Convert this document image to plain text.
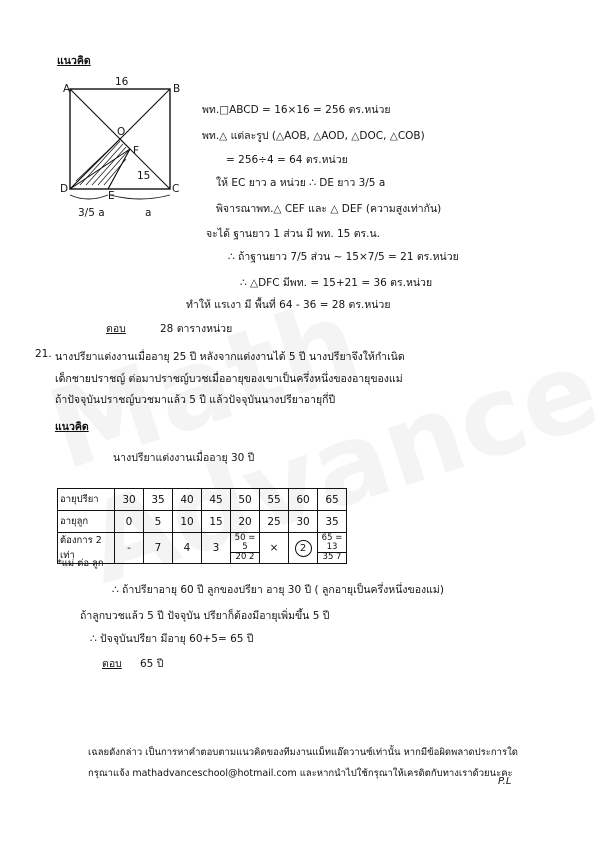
แนวคิด
A	B
C
D
E
F
O
16
15
3/5 a	a
พท.□ABCD = 16×16 = 256 ตร.หน่วย
พท.△ แต่ละรูป (△AOB, △AOD, △DOC, △COB)
= 256÷4 = 64 ตร.หน่วย
ให้ EC ยาว a หน่วย ∴ DE ยาว 3/5 a
พิจารณาพท.△ CEF และ △ DEF (ความสูงเท่ากัน)
จะได้ ฐานยาว 1 ส่วน มี พท. 15 ตร.น.
∴ ถ้าฐานยาว 7/5 ส่วน ~ 15×7/5 = 21 ตร.หน่วย
∴ △DFC มีพท. = 15+21 = 36 ตร.หน่วย
ทำให้ แรเงา มี พื้นที่ 64 - 36 = 28 ตร.หน่วย
ตอบ	28 ตารางหน่วย
21. นางปรียาแต่งงานเมื่ออายุ 25 ปี หลังจากแต่งงานได้ 5 ปี นางปรียาจึงให้กำเนิด
เด็กชายปราชญ์ ต่อมาปราชญ์บวชเมื่ออายุของเขาเป็นครึ่งหนึ่งของอายุของแม่
ถ้าปัจจุบันปราชญ์บวชมาแล้ว 5 ปี แล้วปัจจุบันนางปรียาอายุกี่ปี
แนวคิด
นางปรียาแต่งงานเมื่ออายุ 30 ปี
อายุปรียา	30	35	40	45	50	55	60	65
อายุลูก	0	5	10	15	20	25	30	35
ต้องการ 2 เท่า	-	7	4	3	$\frac{50 = 5}{20 2}$	×	2	$\frac{65 = 13}{35 7}$
*แม่ ต่อ ลูก
∴ ถ้าปรียาอายุ 60 ปี ลูกของปรียา อายุ 30 ปี ( ลูกอายุเป็นครึ่งหนึ่งของแม่)
ถ้าลูกบวชแล้ว 5 ปี ปัจจุบัน ปรียาก็ต้องมีอายุเพิ่มขึ้น 5 ปี
∴ ปัจจุบันปรียา มีอายุ 60+5= 65 ปี
ตอบ 65 ปี
เฉลยดังกล่าว เป็นการหาคำตอบตามแนวคิดของทีมงานแม็ทแอ๊ดวานซ์เท่านั้น หากมีข้อผิดพลาดประการใด
กรุณาแจ้ง mathadvanceschool@hotmail.com และหากนำไปใช้กรุณาให้เครดิตกับทางเราด้วยนะคะ
P.L
